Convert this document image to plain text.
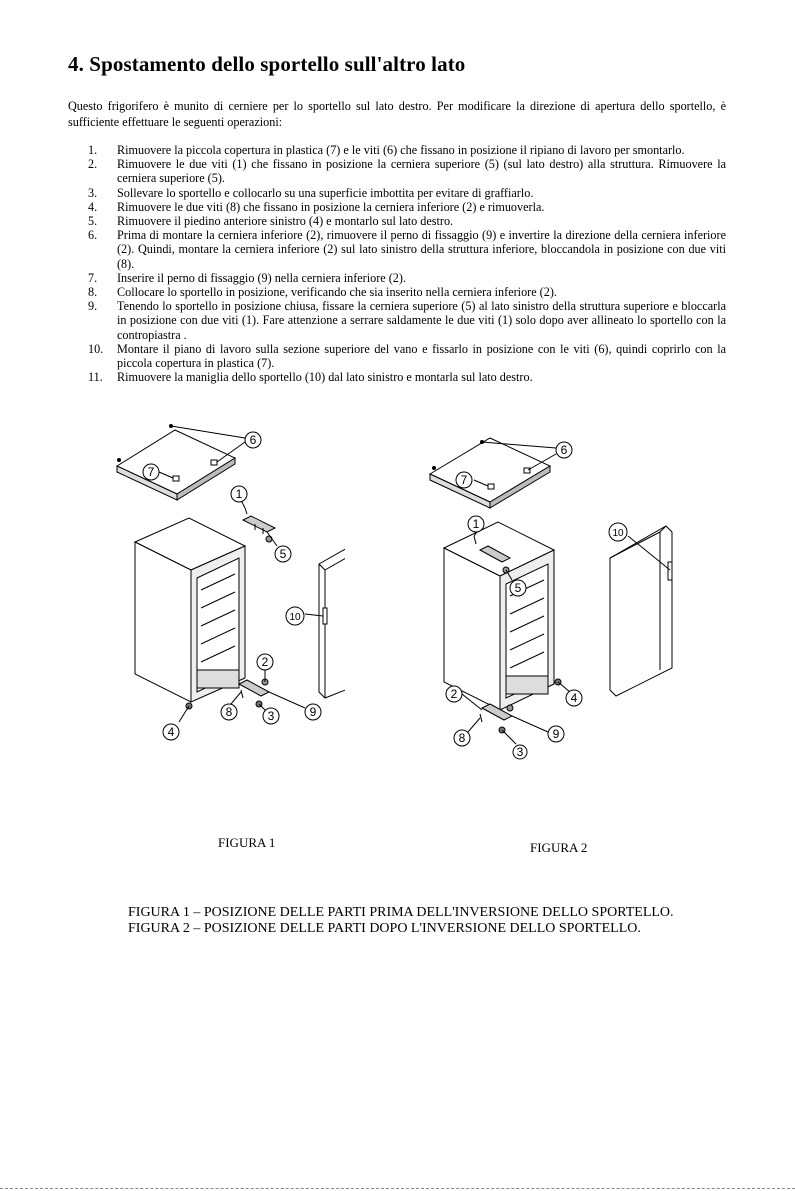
4. Spostamento dello sportello sull'altro lato

Questo frigorifero è munito di cerniere per lo sportello sul lato destro. Per modificare la direzione di apertura dello sportello, è sufficiente effettuare le seguenti operazioni:

1.	Rimuovere la piccola copertura in plastica (7) e le viti (6) che fissano in posizione il ripiano di lavoro per smontarlo.
2.	Rimuovere le due viti (1) che fissano in posizione la cerniera superiore (5) (sul lato destro) alla struttura. Rimuovere la cerniera superiore (5).
3.	Sollevare lo sportello e collocarlo su una superficie imbottita per evitare di graffiarlo.
4.	Rimuovere le due viti (8) che fissano in posizione la cerniera inferiore (2) e rimuoverla.
5.	Rimuovere il piedino anteriore sinistro (4) e montarlo sul lato destro.
6.	Prima di montare la cerniera inferiore (2), rimuovere il perno di fissaggio (9) e invertire la direzione della cerniera inferiore (2). Quindi, montare la cerniera inferiore (2) sul lato sinistro della struttura inferiore, bloccandola in posizione con due viti (8).
7.	Inserire il perno di fissaggio (9) nella cerniera inferiore (2).
8.	Collocare lo sportello in posizione, verificando che sia inserito nella cerniera inferiore (2).
9.	Tenendo lo sportello in posizione chiusa, fissare la cerniera superiore (5) al lato sinistro della struttura superiore e bloccarla in posizione con due viti (1). Fare attenzione a serrare saldamente le due viti (1) solo dopo aver allineato lo sportello con la contropiastra .
10.	Montare il piano di lavoro sulla sezione superiore del vano e fissarlo in posizione con le viti (6), quindi coprirlo con la piccola copertura in plastica (7).
11.	Rimuovere la maniglia dello sportello (10) dal lato sinistro e montarla sul lato destro.
6
7
1
5
10
2
8	3	9
4
6
7
1
5
10
4
2
8	9
3
FIGURA 1	FIGURA 2
FIGURA 1 – POSIZIONE DELLE PARTI PRIMA DELL'INVERSIONE DELLO SPORTELLO.
FIGURA 2 – POSIZIONE DELLE PARTI DOPO L'INVERSIONE DELLO SPORTELLO.
